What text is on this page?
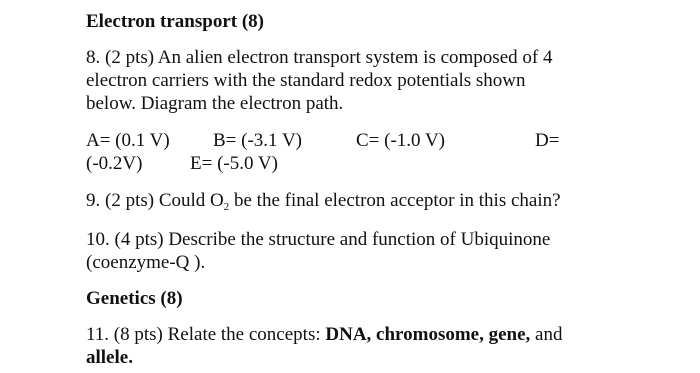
Electron transport (8)
8. (2 pts) An alien electron transport system is composed of 4
electron carriers with the standard redox potentials shown
below. Diagram the electron path.
A= (0.1 V) B= (-3.1 V)	C= (-1.0 V)	D=
(-0.2V)	E= (-5.0 V)
9. (2 pts) Could $O_2$ be the final electron acceptor in this chain?
10. (4 pts) Describe the structure and function of Ubiquinone
(coenzyme-Q ).
Genetics (8)
11. (8 pts) Relate the concepts: DNA, chromosome, gene, and
allele.
